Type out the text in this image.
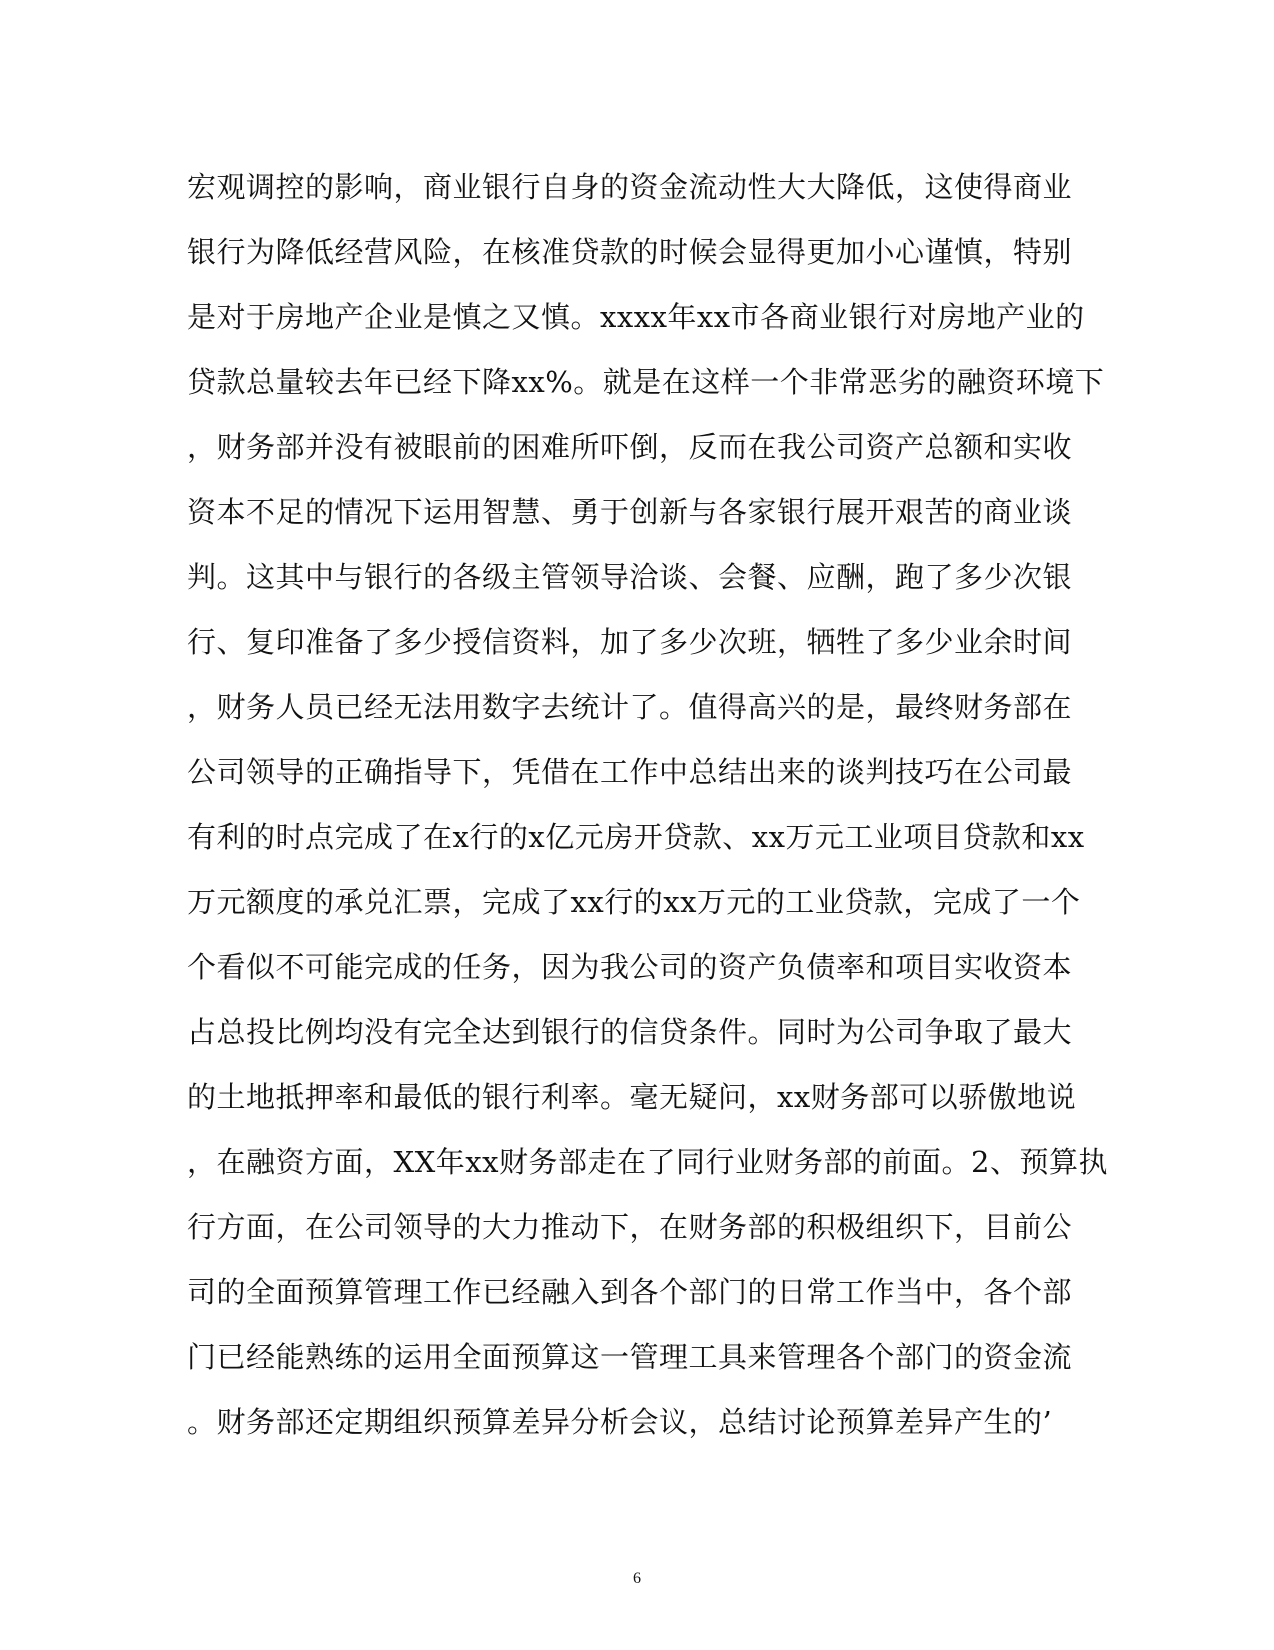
宏观调控的影响，商业银行自身的资金流动性大大降低，这使得商业
银行为降低经营风险，在核准贷款的时候会显得更加小心谨慎，特别
是对于房地产企业是慎之又慎。xxxx年xx市各商业银行对房地产业的
贷款总量较去年已经下降xx%。就是在这样一个非常恶劣的融资环境下
，财务部并没有被眼前的困难所吓倒，反而在我公司资产总额和实收
资本不足的情况下运用智慧、勇于创新与各家银行展开艰苦的商业谈
判。这其中与银行的各级主管领导洽谈、会餐、应酬，跑了多少次银
行、复印准备了多少授信资料，加了多少次班，牺牲了多少业余时间
，财务人员已经无法用数字去统计了。值得高兴的是，最终财务部在
公司领导的正确指导下，凭借在工作中总结出来的谈判技巧在公司最
有利的时点完成了在x行的x亿元房开贷款、xx万元工业项目贷款和xx
万元额度的承兑汇票，完成了xx行的xx万元的工业贷款，完成了一个
个看似不可能完成的任务，因为我公司的资产负债率和项目实收资本
占总投比例均没有完全达到银行的信贷条件。同时为公司争取了最大
的土地抵押率和最低的银行利率。毫无疑问，xx财务部可以骄傲地说
，在融资方面，XX年xx财务部走在了同行业财务部的前面。2、预算执
行方面，在公司领导的大力推动下，在财务部的积极组织下，目前公
司的全面预算管理工作已经融入到各个部门的日常工作当中，各个部
门已经能熟练的运用全面预算这一管理工具来管理各个部门的资金流
。财务部还定期组织预算差异分析会议，总结讨论预算差异产生的’
6
